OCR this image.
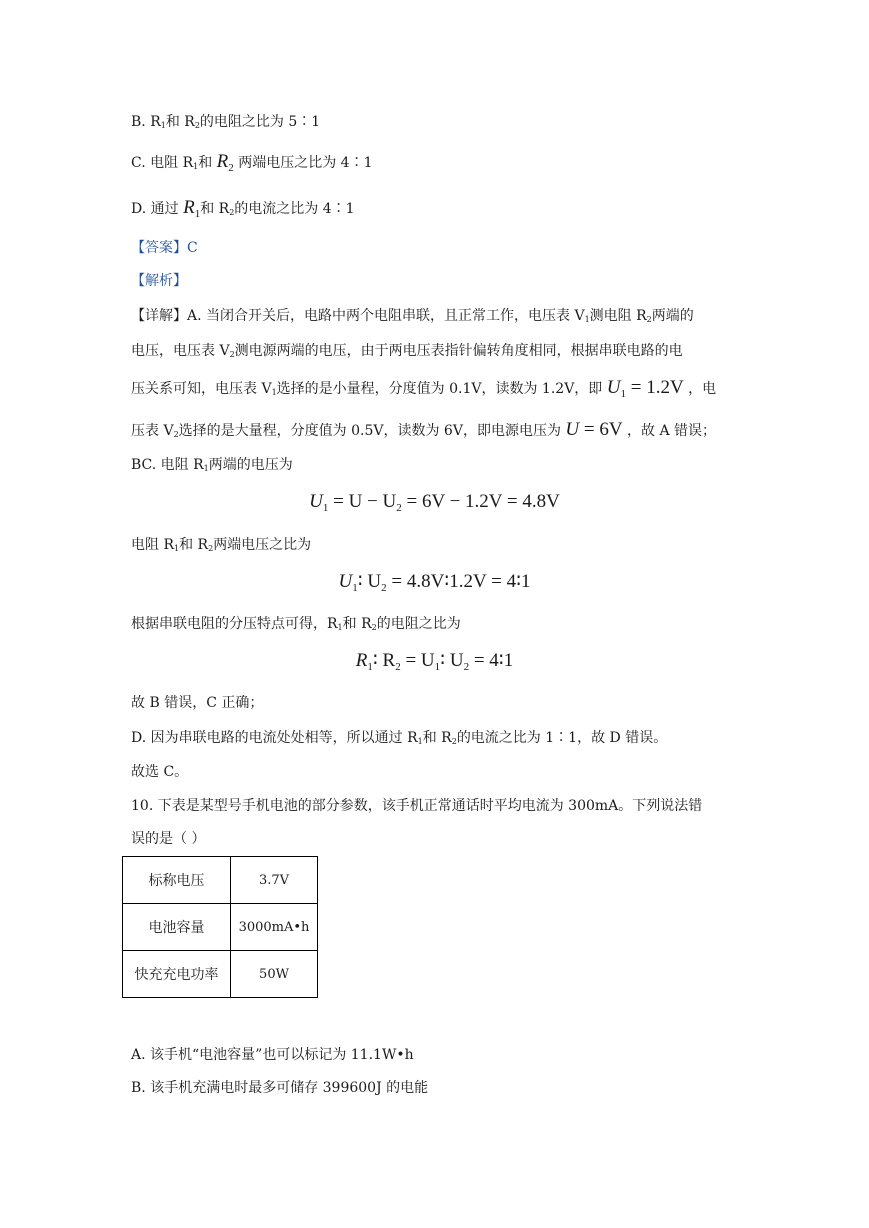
B. $R_1$和 $R_2$的电阻之比为 5∶1
C. 电阻 $R_1$和 $R_2$ 两端电压之比为 4∶1
D. 通过 $R_1$和 $R_2$的电流之比为 4∶1
【答案】C
【解析】
【详解】A. 当闭合开关后，电路中两个电阻串联，且正常工作，电压表 $V_1$测电阻 $R_2$两端的
电压，电压表 $V_2$测电源两端的电压，由于两电压表指针偏转角度相同，根据串联电路的电
压关系可知，电压表 $V_1$选择的是小量程，分度值为 0.1V，读数为 1.2V，即 $U_1 = 1.2V$ ，电
压表 $V_2$选择的是大量程，分度值为 0.5V，读数为 6V，即电源电压为 U = 6V ，故 A 错误；
BC. 电阻 $R_1$两端的电压为
$U_1 = U - U_2 = 6V - 1.2V = 4.8V$
电阻 $R_1$和 $R_2$两端电压之比为
$U_1∶$ $U_2$ = 4.8V∶1.2V = 4∶1
根据串联电阻的分压特点可得，$R_1$和 $R_2$的电阻之比为
$R_1∶$ $R_2$ = $U_1∶$ $U_2$ = 4∶1
故 B 错误，C 正确；
D. 因为串联电路的电流处处相等，所以通过 $R_1$和 $R_2$的电流之比为 1∶1，故 D 错误。
故选 C。
10. 下表是某型号手机电池的部分参数，该手机正常通话时平均电流为 300mA。下列说法错
误的是（ ）
标称电压	3.7V
电池容量	3000mA•h
快充充电功率	50W
A. 该手机“电池容量”也可以标记为 11.1W•h
B. 该手机充满电时最多可储存 399600J 的电能
